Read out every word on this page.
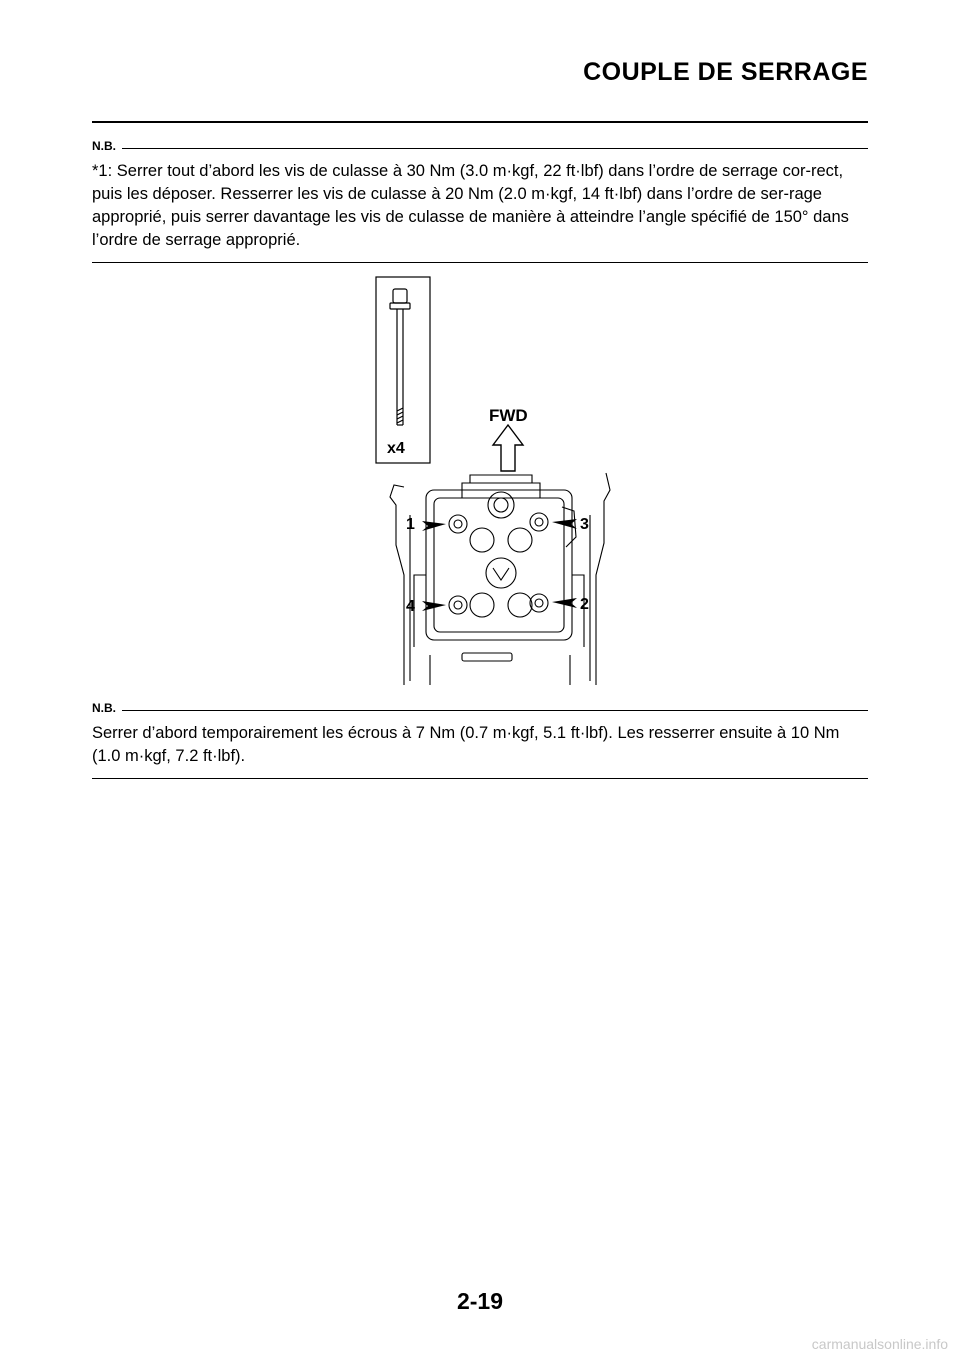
COUPLE DE SERRAGE
N.B.

*1: Serrer tout d’abord les vis de culasse à 30 Nm (3.0 m·kgf, 22 ft·lbf) dans l’ordre de serrage cor-rect, puis les déposer. Resserrer les vis de culasse à 20 Nm (2.0 m·kgf, 14 ft·lbf) dans l’ordre de ser-rage approprié, puis serrer davantage les vis de culasse de manière à atteindre l’angle spécifié de 150° dans l’ordre de serrage approprié.

x4
FWD
1	3
4	2
N.B.

Serrer d’abord temporairement les écrous à 7 Nm (0.7 m·kgf, 5.1 ft·lbf). Les resserrer ensuite à 10 Nm (1.0 m·kgf, 7.2 ft·lbf).

2-19

carmanualsonline.info
